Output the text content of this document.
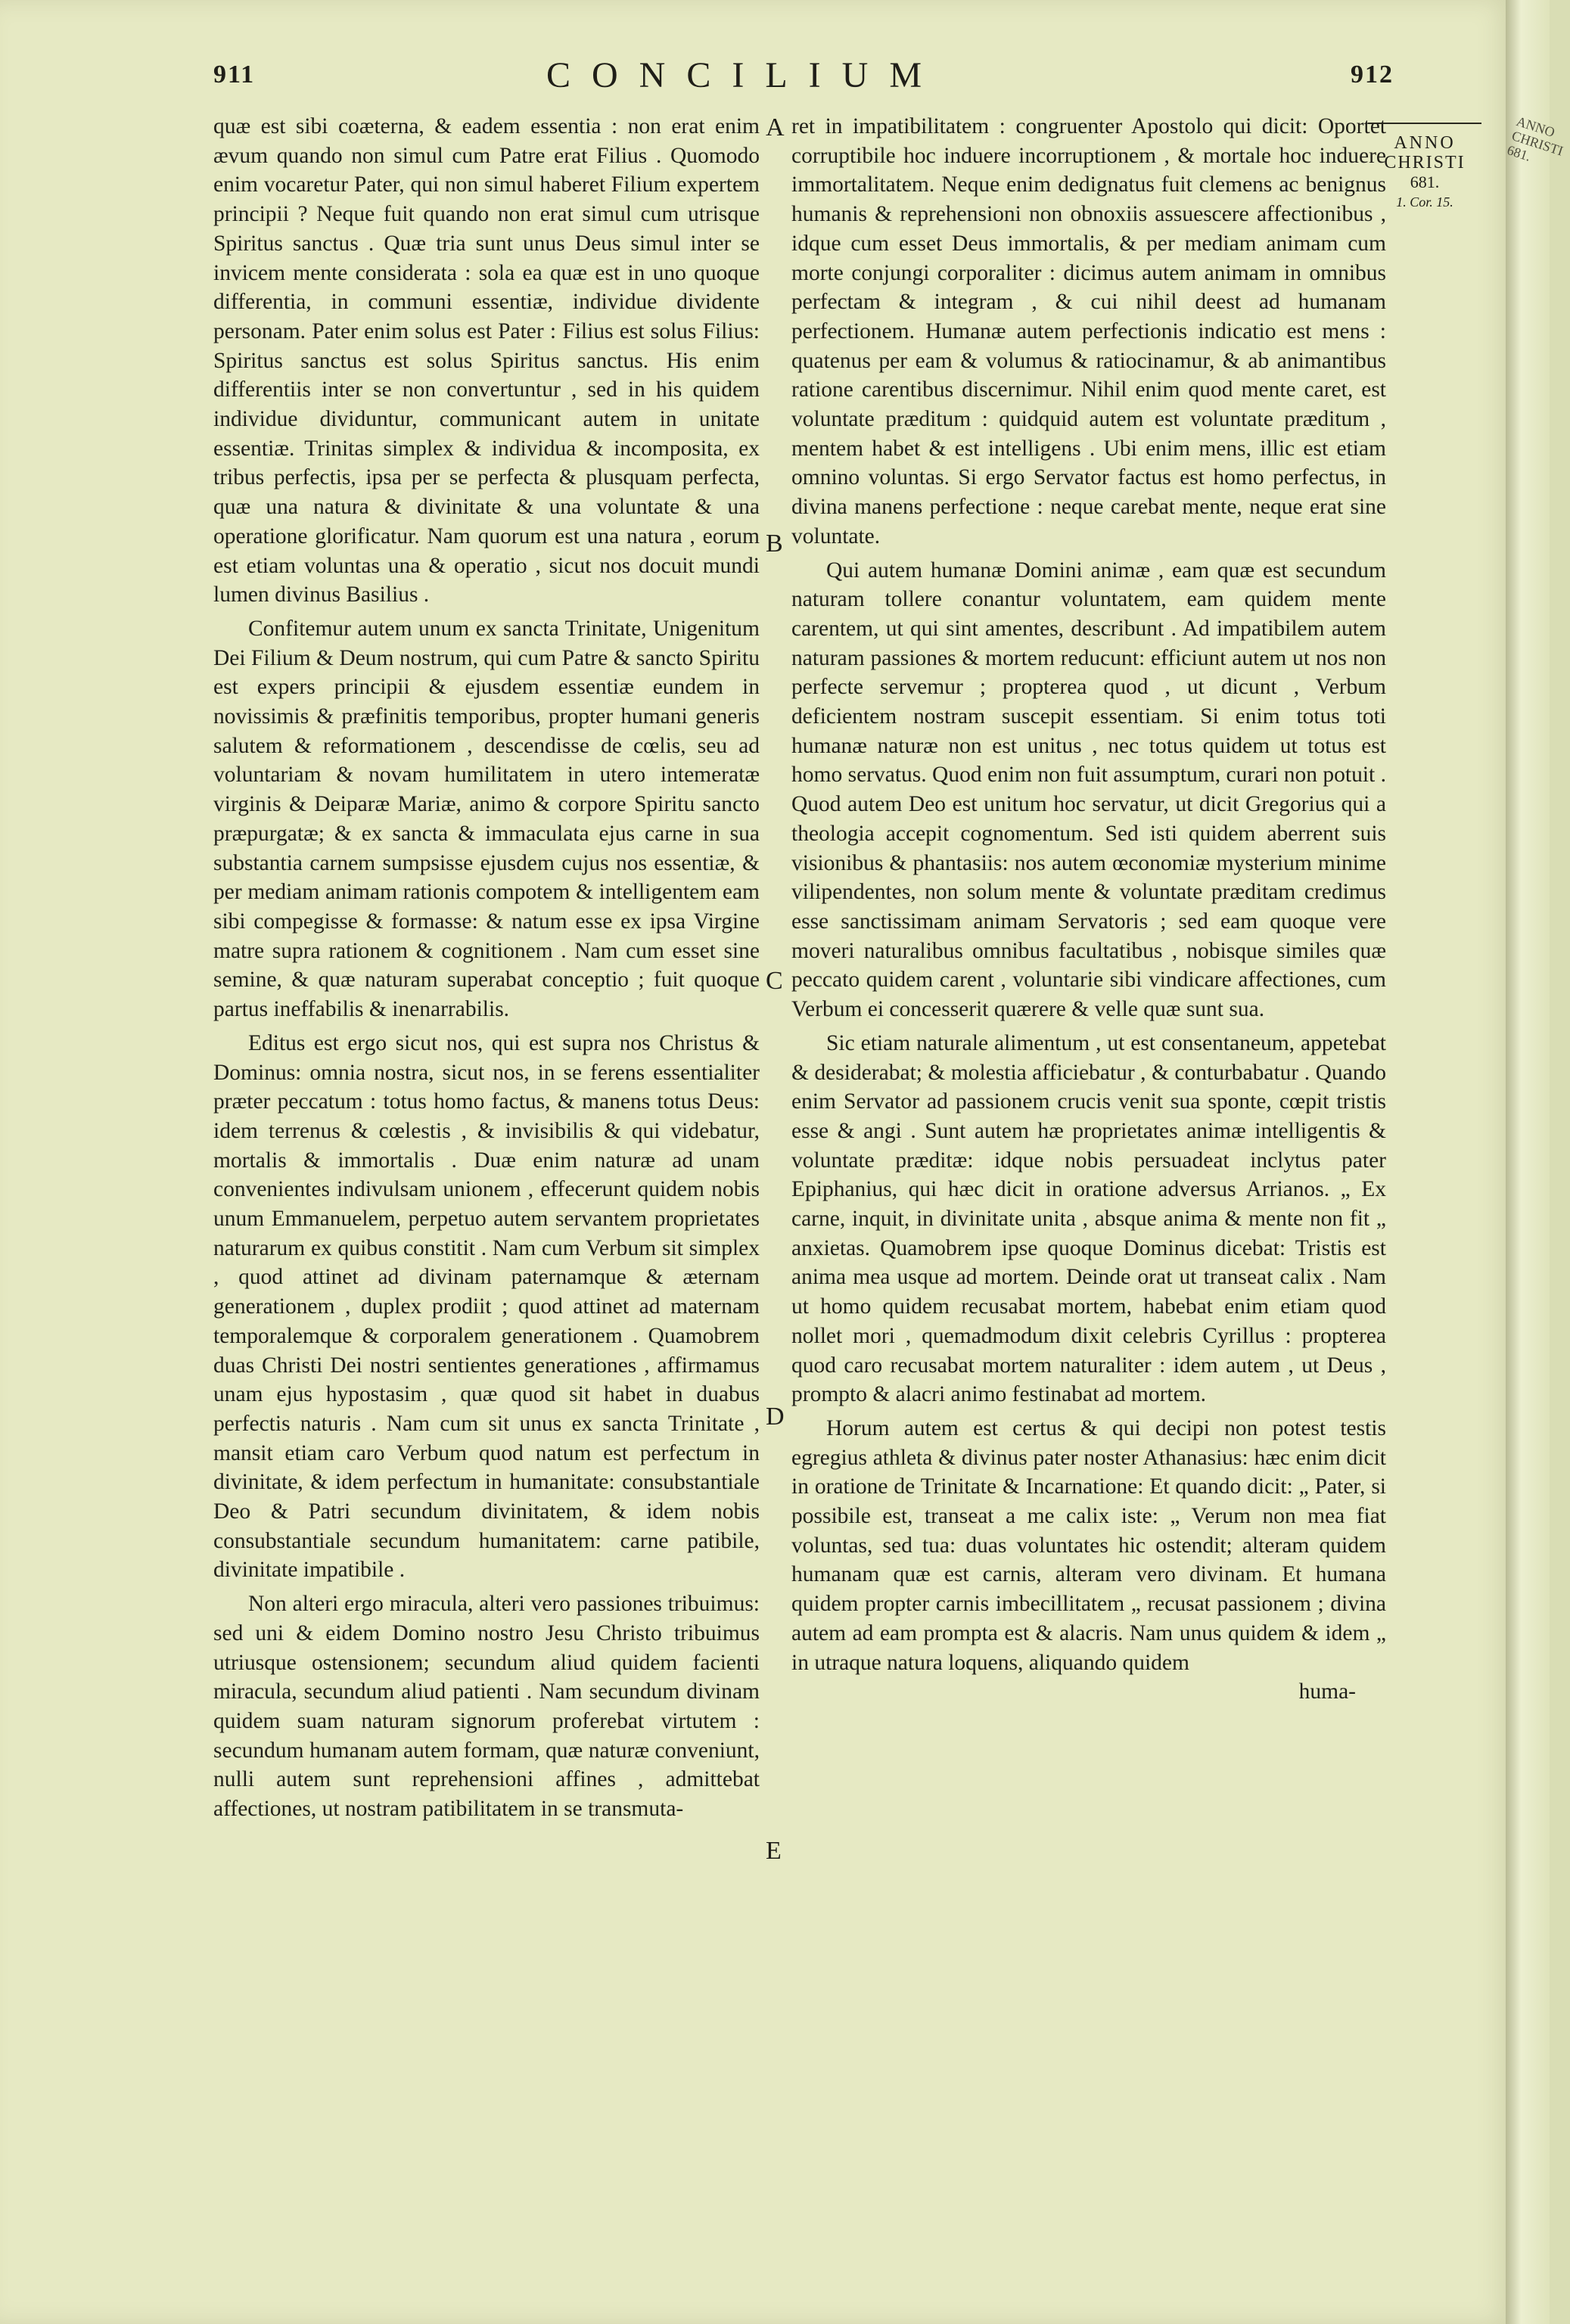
ANNO CHRISTI 681.
911	CONCILIUM	912

quæ est sibi coæterna, & eadem essentia : non erat enim ævum quando non simul cum Patre erat Filius . Quomodo enim vocaretur Pater, qui non simul haberet Filium expertem principii ? Neque fuit quando non erat simul cum utrisque Spiritus sanctus . Quæ tria sunt unus Deus simul inter se invicem mente considerata : sola ea quæ est in uno quoque differentia, in communi essentiæ, individue dividente personam. Pater enim solus est Pater : Filius est solus Filius: Spiritus sanctus est solus Spiritus sanctus. His enim differentiis inter se non convertuntur , sed in his quidem individue dividuntur, communicant autem in unitate essentiæ. Trinitas simplex & individua & incomposita, ex tribus perfectis, ipsa per se perfecta & plusquam perfecta, quæ una natura & divinitate & una voluntate & una operatione glorificatur. Nam quorum est una natura , eorum est etiam voluntas una & operatio , sicut nos docuit mundi lumen divinus Basilius .

Confitemur autem unum ex sancta Trinitate, Unigenitum Dei Filium & Deum nostrum, qui cum Patre & sancto Spiritu est expers principii & ejusdem essentiæ eundem in novissimis & præfinitis temporibus, propter humani generis salutem & reformationem , descendisse de cœlis, seu ad voluntariam & novam humilitatem in utero intemeratæ virginis & Deiparæ Mariæ, animo & corpore Spiritu sancto præpurgatæ; & ex sancta & immaculata ejus carne in sua substantia carnem sumpsisse ejusdem cujus nos essentiæ, & per mediam animam rationis compotem & intelligentem eam sibi compegisse & formasse: & natum esse ex ipsa Virgine matre supra rationem & cognitionem . Nam cum esset sine semine, & quæ naturam superabat conceptio ; fuit quoque partus ineffabilis & inenarrabilis.

Editus est ergo sicut nos, qui est supra nos Christus & Dominus: omnia nostra, sicut nos, in se ferens essentialiter præter peccatum : totus homo factus, & manens totus Deus: idem terrenus & cœlestis , & invisibilis & qui videbatur, mortalis & immortalis . Duæ enim naturæ ad unam convenientes indivulsam unionem , effecerunt quidem nobis unum Emmanuelem, perpetuo autem servantem proprietates naturarum ex quibus constitit . Nam cum Verbum sit simplex , quod attinet ad divinam paternamque & æternam generationem , duplex prodiit ; quod attinet ad maternam temporalemque & corporalem generationem . Quamobrem duas Christi Dei nostri sentientes generationes , affirmamus unam ejus hypostasim , quæ quod sit habet in duabus perfectis naturis . Nam cum sit unus ex sancta Trinitate , mansit etiam caro Verbum quod natum est perfectum in divinitate, & idem perfectum in humanitate: consubstantiale Deo & Patri secundum divinitatem, & idem nobis consubstantiale secundum humanitatem: carne patibile, divinitate impatibile .

Non alteri ergo miracula, alteri vero passiones tribuimus: sed uni & eidem Domino nostro Jesu Christo tribuimus utriusque ostensionem; secundum aliud quidem facienti miracula, secundum aliud patienti . Nam secundum divinam quidem suam naturam signorum proferebat virtutem : secundum humanam autem formam, quæ naturæ conveniunt, nulli autem sunt reprehensioni affines , admittebat affectiones, ut nostram patibilitatem in se transmuta-

A
B
C
D
E

ret in impatibilitatem : congruenter Apostolo qui dicit: Oportet corruptibile hoc induere incorruptionem , & mortale hoc induere immortalitatem. Neque enim dedignatus fuit clemens ac benignus humanis & reprehensioni non obnoxiis assuescere affectionibus , idque cum esset Deus immortalis, & per mediam animam cum morte conjungi corporaliter : dicimus autem animam in omnibus perfectam & integram , & cui nihil deest ad humanam perfectionem. Humanæ autem perfectionis indicatio est mens : quatenus per eam & volumus & ratiocinamur, & ab animantibus ratione carentibus discernimur. Nihil enim quod mente caret, est voluntate præditum : quidquid autem est voluntate præditum , mentem habet & est intelligens . Ubi enim mens, illic est etiam omnino voluntas. Si ergo Servator factus est homo perfectus, in divina manens perfectione : neque carebat mente, neque erat sine voluntate.

Qui autem humanæ Domini animæ , eam quæ est secundum naturam tollere conantur voluntatem, eam quidem mente carentem, ut qui sint amentes, describunt . Ad impatibilem autem naturam passiones & mortem reducunt: efficiunt autem ut nos non perfecte servemur ; propterea quod , ut dicunt , Verbum deficientem nostram suscepit essentiam. Si enim totus toti humanæ naturæ non est unitus , nec totus quidem ut totus est homo servatus. Quod enim non fuit assumptum, curari non potuit . Quod autem Deo est unitum hoc servatur, ut dicit Gregorius qui a theologia accepit cognomentum. Sed isti quidem aberrent suis visionibus & phantasiis: nos autem œconomiæ mysterium minime vilipendentes, non solum mente & voluntate præditam credimus esse sanctissimam animam Servatoris ; sed eam quoque vere moveri naturalibus omnibus facultatibus , nobisque similes quæ peccato quidem carent , voluntarie sibi vindicare affectiones, cum Verbum ei concesserit quærere & velle quæ sunt sua.

Sic etiam naturale alimentum , ut est consentaneum, appetebat & desiderabat; & molestia afficiebatur , & conturbabatur . Quando enim Servator ad passionem crucis venit sua sponte, cœpit tristis esse & angi . Sunt autem hæ proprietates animæ intelligentis & voluntate præditæ: idque nobis persuadeat inclytus pater Epiphanius, qui hæc dicit in oratione adversus Arrianos. „ Ex carne, inquit, in divinitate unita , absque anima & mente non fit „ anxietas. Quamobrem ipse quoque Dominus dicebat: Tristis est anima mea usque ad mortem. Deinde orat ut transeat calix . Nam ut homo quidem recusabat mortem, habebat enim etiam quod nollet mori , quemadmodum dixit celebris Cyrillus : propterea quod caro recusabat mortem naturaliter : idem autem , ut Deus , prompto & alacri animo festinabat ad mortem.

Horum autem est certus & qui decipi non potest testis egregius athleta & divinus pater noster Athanasius: hæc enim dicit in oratione de Trinitate & Incarnatione: Et quando dicit: „ Pater, si possibile est, transeat a me calix iste: „ Verum non mea fiat voluntas, sed tua: duas voluntates hic ostendit; alteram quidem humanam quæ est carnis, alteram vero divinam. Et humana quidem propter carnis imbecillitatem „ recusat passionem ; divina autem ad eam prompta est & alacris. Nam unus quidem & idem „ in utraque natura loquens, aliquando quidem

huma-

ANNO
CHRISTI
681.
1. Cor. 15.
